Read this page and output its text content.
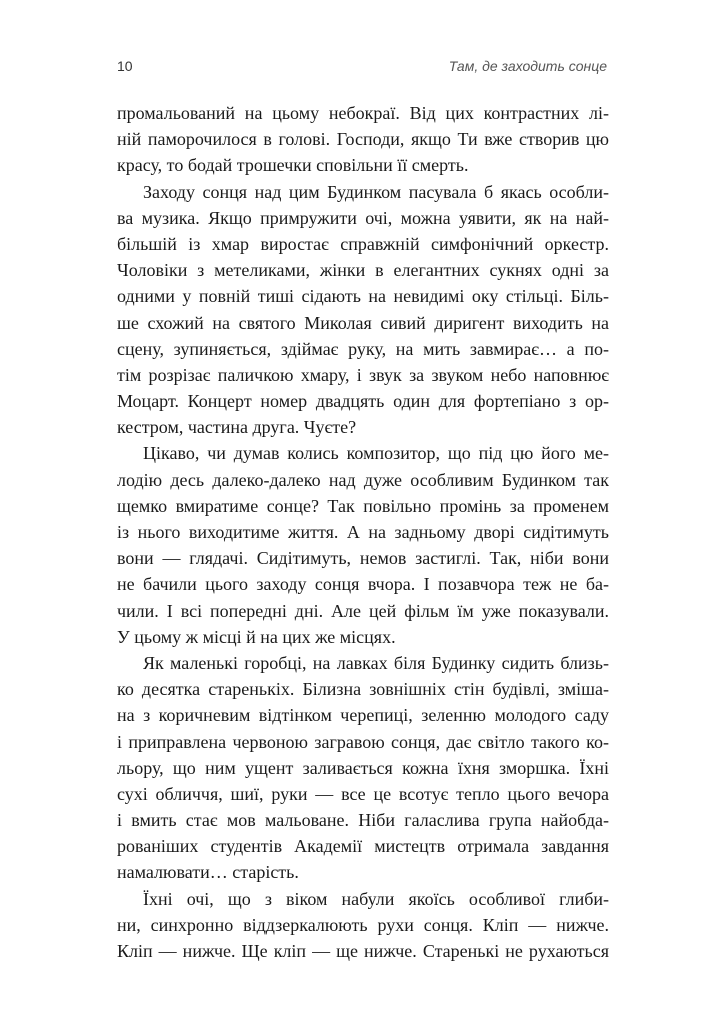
10	Там, де заходить сонце
промальований на цьому небокраї. Від цих контрастних лі-
ній паморочилося в голові. Господи, якщо Ти вже створив цю
красу, то бодай трошечки сповільни її смерть.
Заходу сонця над цим Будинком пасувала б якась особли-
ва музика. Якщо примружити очі, можна уявити, як на най-
більшій із хмар виростає справжній симфонічний оркестр.
Чоловіки з метеликами, жінки в елегантних сукнях одні за
одними у повній тиші сідають на невидимі оку стільці. Біль-
ше схожий на святого Миколая сивий диригент виходить на
сцену, зупиняється, здіймає руку, на мить завмирає… а по-
тім розрізає паличкою хмару, і звук за звуком небо наповнює
Моцарт. Концерт номер двадцять один для фортепіано з ор-
кестром, частина друга. Чуєте?
Цікаво, чи думав колись композитор, що під цю його ме-
лодію десь далеко-далеко над дуже особливим Будинком так
щемко вмиратиме сонце? Так повільно промінь за променем
із нього виходитиме життя. А на задньому дворі сидітимуть
вони — глядачі. Сидітимуть, немов застиглі. Так, ніби вони
не бачили цього заходу сонця вчора. І позавчора теж не ба-
чили. І всі попередні дні. Але цей фільм їм уже показували.
У цьому ж місці й на цих же місцях.
Як маленькі горобці, на лавках біля Будинку сидить близь-
ко десятка старенькіх. Білизна зовнішніх стін будівлі, змішa-
на з коричневим відтінком черепиці, зеленню молодого саду
і приправлена червоною загравою сонця, дає світло такого ко-
льору, що ним ущент заливається кожна їхня зморшка. Їхні
сухі обличчя, шиї, руки — все це всотує тепло цього вечора
і вмить стає мов мальоване. Ніби галаслива група найобда-
рованіших студентів Академії мистецтв отримала завдання
намалювати… старість.
Їхні очі, що з віком набули якоїсь особливої глиби-
ни, синхронно віддзеркалюють рухи сонця. Кліп — нижче.
Кліп — нижче. Ще кліп — ще нижче. Старенькі не рухаються
